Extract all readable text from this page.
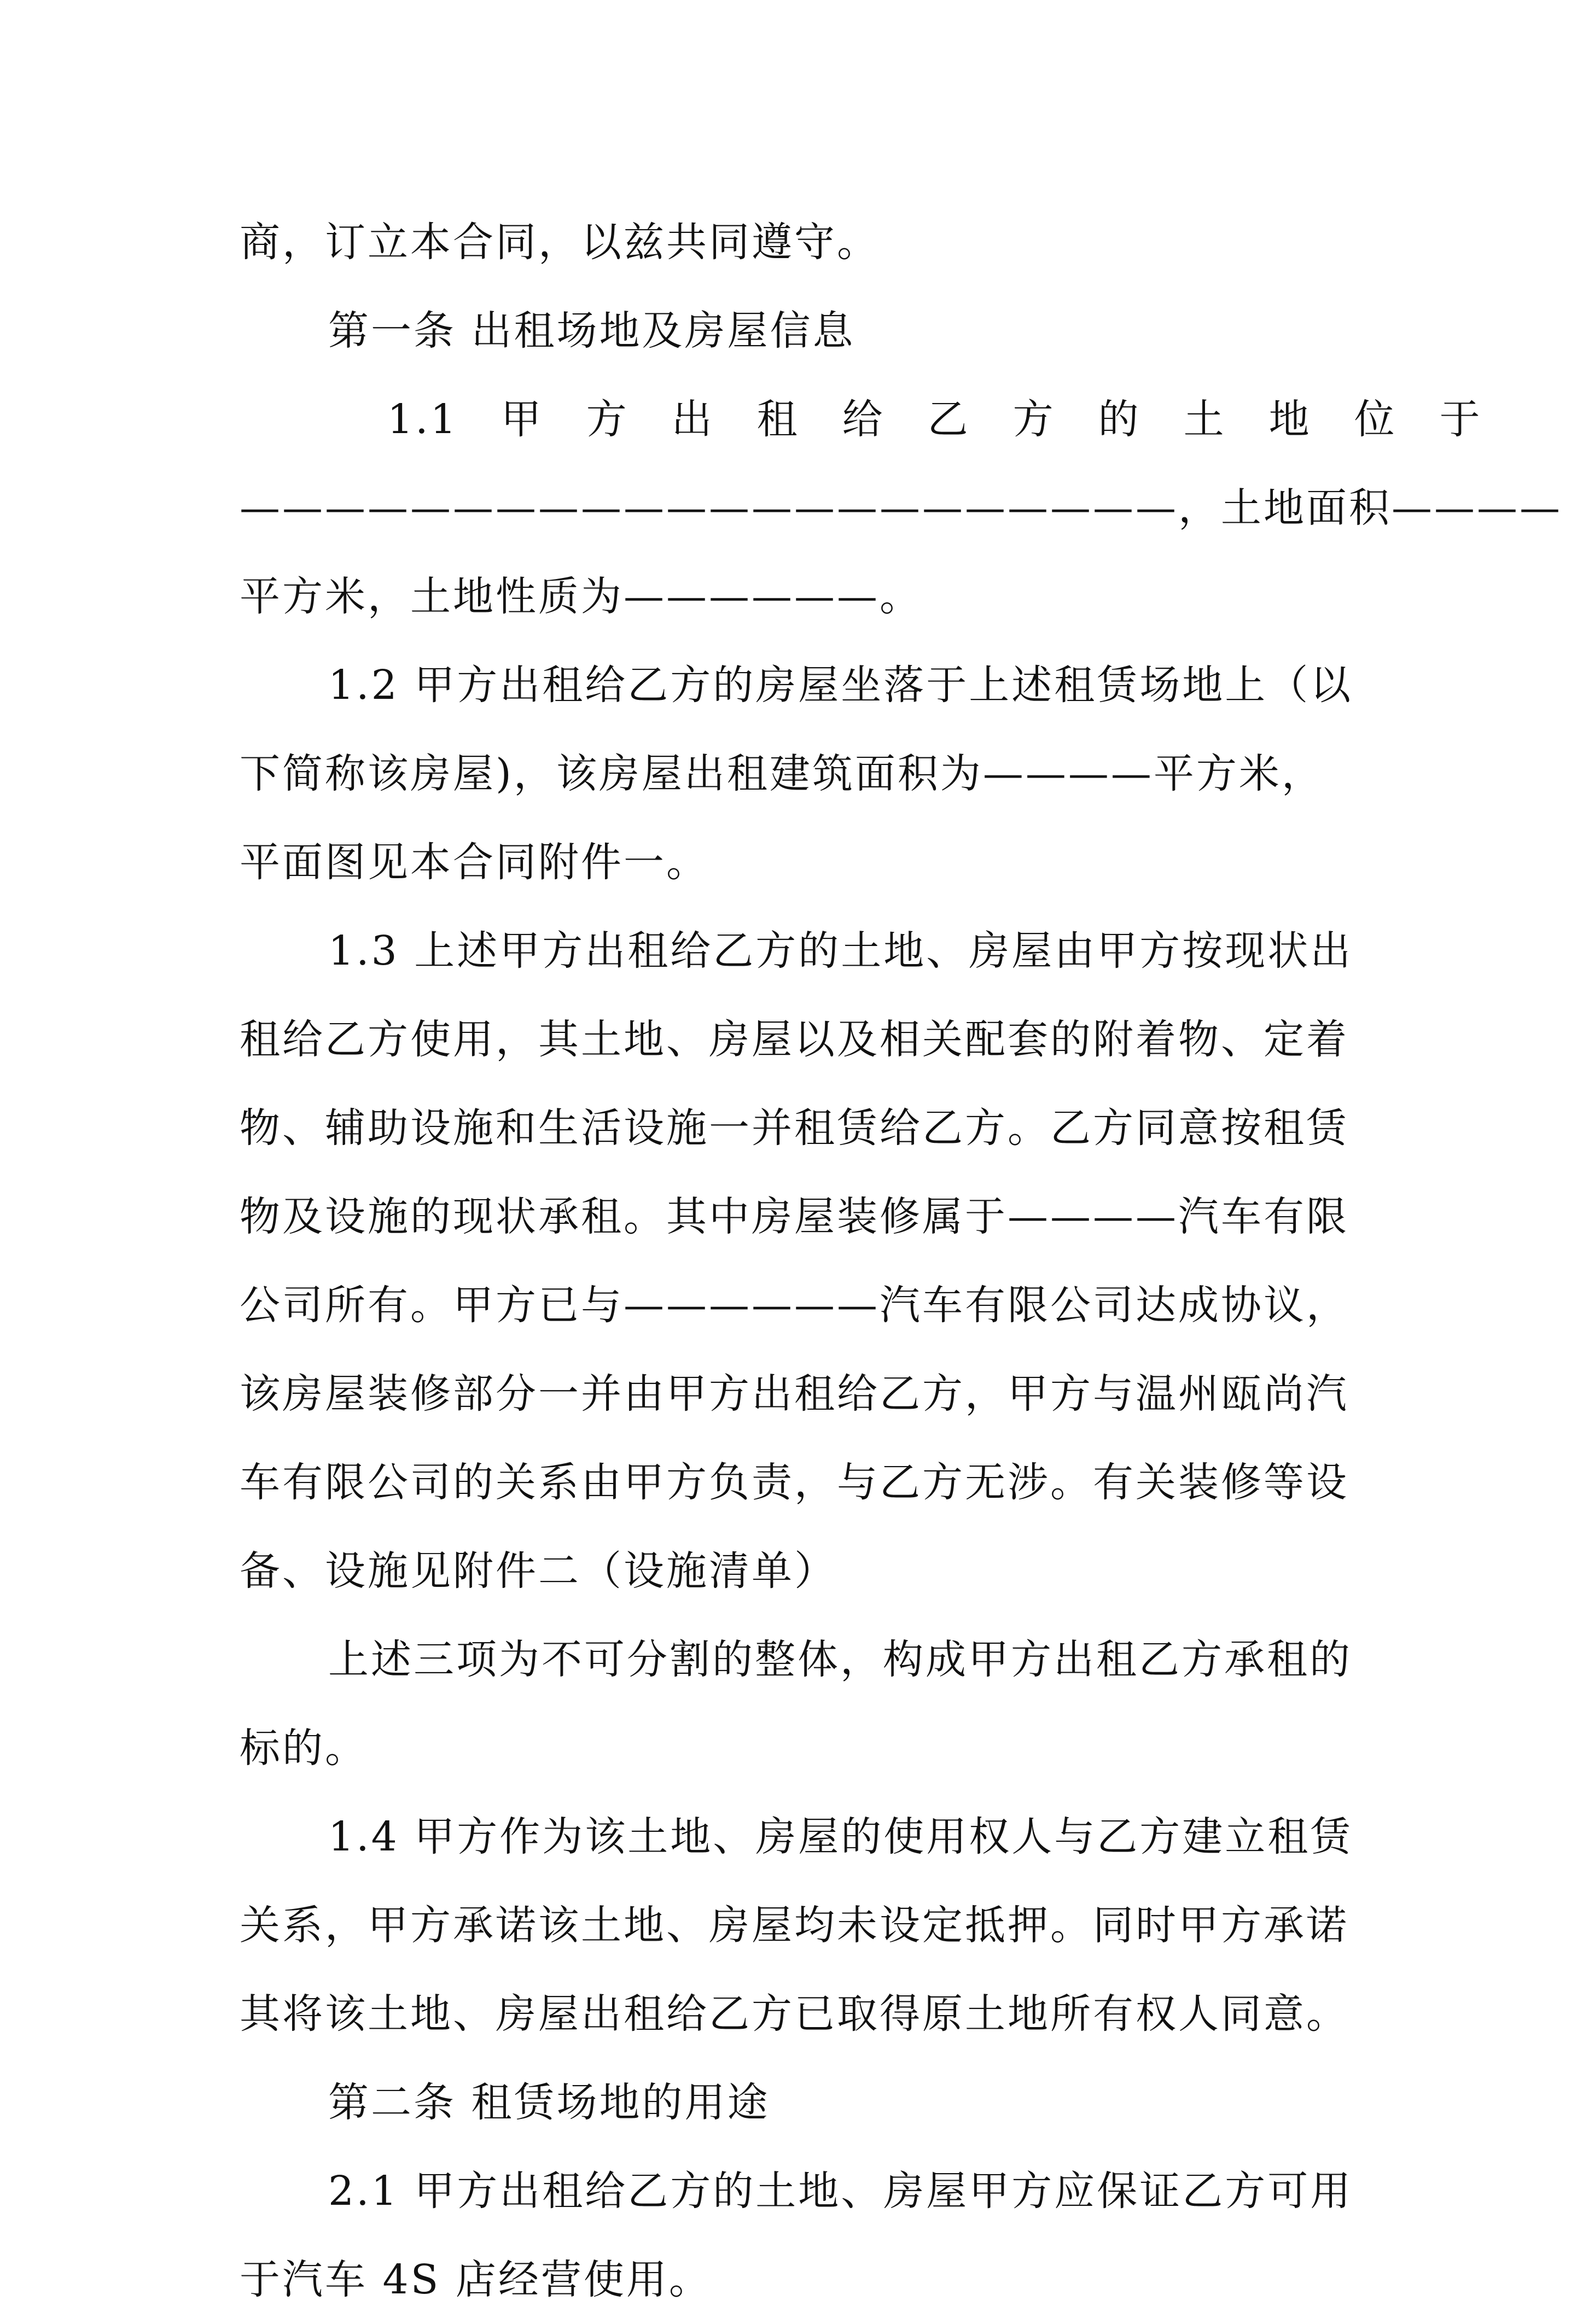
商，订立本合同，以兹共同遵守。
第一条 出租场地及房屋信息
1.1　甲　方　出　租　给　乙　方　的　土　地　位　于
——————————————————————，土地面积————
平方米，土地性质为——————。
1.2 甲方出租给乙方的房屋坐落于上述租赁场地上（以
下简称该房屋)，该房屋出租建筑面积为————平方米，
平面图见本合同附件一。
1.3 上述甲方出租给乙方的土地、房屋由甲方按现状出
租给乙方使用，其土地、房屋以及相关配套的附着物、定着
物、辅助设施和生活设施一并租赁给乙方。乙方同意按租赁
物及设施的现状承租。其中房屋装修属于————汽车有限
公司所有。甲方已与——————汽车有限公司达成协议，
该房屋装修部分一并由甲方出租给乙方，甲方与温州瓯尚汽
车有限公司的关系由甲方负责，与乙方无涉。有关装修等设
备、设施见附件二（设施清单）
上述三项为不可分割的整体，构成甲方出租乙方承租的
标的。
1.4 甲方作为该土地、房屋的使用权人与乙方建立租赁
关系，甲方承诺该土地、房屋均未设定抵押。同时甲方承诺
其将该土地、房屋出租给乙方已取得原土地所有权人同意。
第二条 租赁场地的用途
2.1 甲方出租给乙方的土地、房屋甲方应保证乙方可用
于汽车 4S 店经营使用。
